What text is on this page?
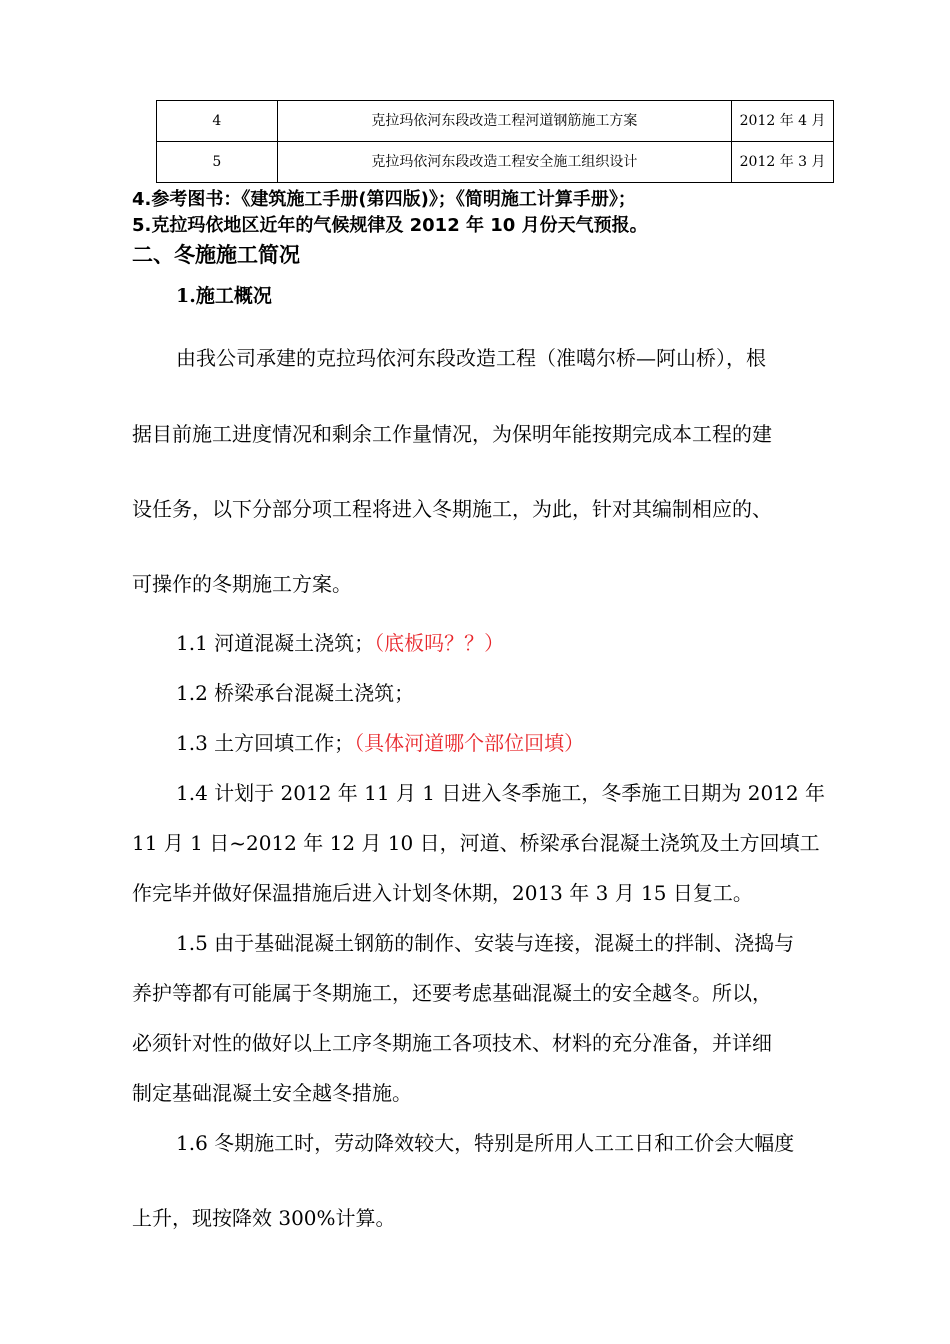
4	克拉玛依河东段改造工程河道钢筋施工方案	2012 年 4 月
5	克拉玛依河东段改造工程安全施工组织设计	2012 年 3 月
4.参考图书：《建筑施工手册(第四版)》；《简明施工计算手册》；
5.克拉玛依地区近年的气候规律及 2012 年 10 月份天气预报。
二、冬施施工简况
1.施工概况
由我公司承建的克拉玛依河东段改造工程（准噶尔桥—阿山桥），根
据目前施工进度情况和剩余工作量情况，为保明年能按期完成本工程的建
设任务，以下分部分项工程将进入冬期施工，为此，针对其编制相应的、
可操作的冬期施工方案。
1.1 河道混凝土浇筑；（底板吗？？）
1.2 桥梁承台混凝土浇筑；
1.3 土方回填工作；（具体河道哪个部位回填）
1.4 计划于 2012 年 11 月 1 日进入冬季施工，冬季施工日期为 2012 年
11 月 1 日~2012 年 12 月 10 日，河道、桥梁承台混凝土浇筑及土方回填工
作完毕并做好保温措施后进入计划冬休期，2013 年 3 月 15 日复工。
1.5 由于基础混凝土钢筋的制作、安装与连接，混凝土的拌制、浇捣与
养护等都有可能属于冬期施工，还要考虑基础混凝土的安全越冬。所以，
必须针对性的做好以上工序冬期施工各项技术、材料的充分准备，并详细
制定基础混凝土安全越冬措施。
1.6 冬期施工时，劳动降效较大，特别是所用人工工日和工价会大幅度
上升，现按降效 300%计算。
